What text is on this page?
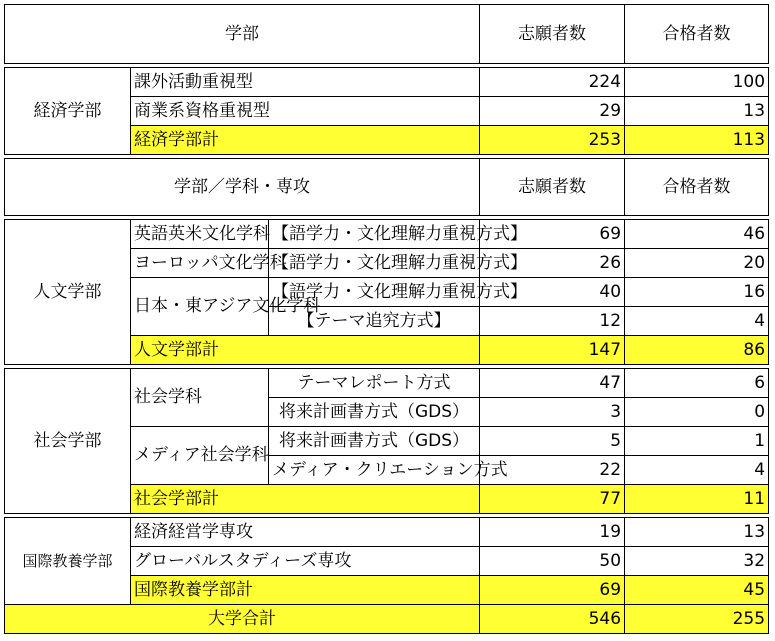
学部			志願者数	合格者数

経済学部	課外活動重視型		224	100
	商業系資格重視型		29	13
	経済学部計		253	113

学部／学科・専攻			志願者数	合格者数

人文学部	英語英米文化学科	【語学力・文化理解力重視方式】	69	46
	ヨーロッパ文化学科	【語学力・文化理解力重視方式】	26	20
	日本・東アジア文化学科	【語学力・文化理解力重視方式】	40	16
		【テーマ追究方式】	12	4
	人文学部計		147	86

社会学部	社会学科	テーマレポート方式	47	6
		将来計画書方式（GDS）	3	0
	メディア社会学科	将来計画書方式（GDS）	5	1
		メディア・クリエーション方式	22	4
	社会学部計		77	11

国際教養学部	経済経営学専攻		19	13
	グローバルスタディーズ専攻		50	32
	国際教養学部計		69	45
大学合計			546	255
